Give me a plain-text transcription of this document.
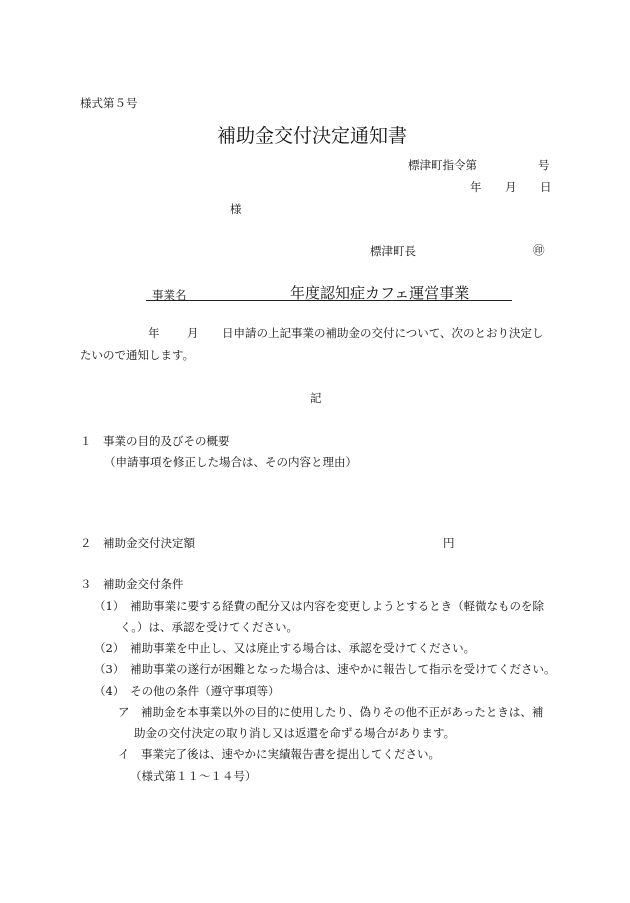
様式第５号
補助金交付決定通知書
標津町指令第	号
年 月 日
様
標津町長	㊞
事業名	年度認知症カフェ運営事業
年 月 日申請の上記事業の補助金の交付について、次のとおり決定し
たいので通知します。
記
１　事業の目的及びその概要
（申請事項を修正した場合は、その内容と理由）
２　補助金交付決定額	円
３　補助金交付条件
（1）　補助事業に要する経費の配分又は内容を変更しようとするとき（軽微なものを除
く。）は、承認を受けてください。
（2）　補助事業を中止し、又は廃止する場合は、承認を受けてください。
（3）　補助事業の遂行が困難となった場合は、速やかに報告して指示を受けてください。
（4）　その他の条件（遵守事項等）
ア　補助金を本事業以外の目的に使用したり、偽りその他不正があったときは、補
助金の交付決定の取り消し又は返還を命ずる場合があります。
イ　事業完了後は、速やかに実績報告書を提出してください。
（様式第１１〜１４号）
